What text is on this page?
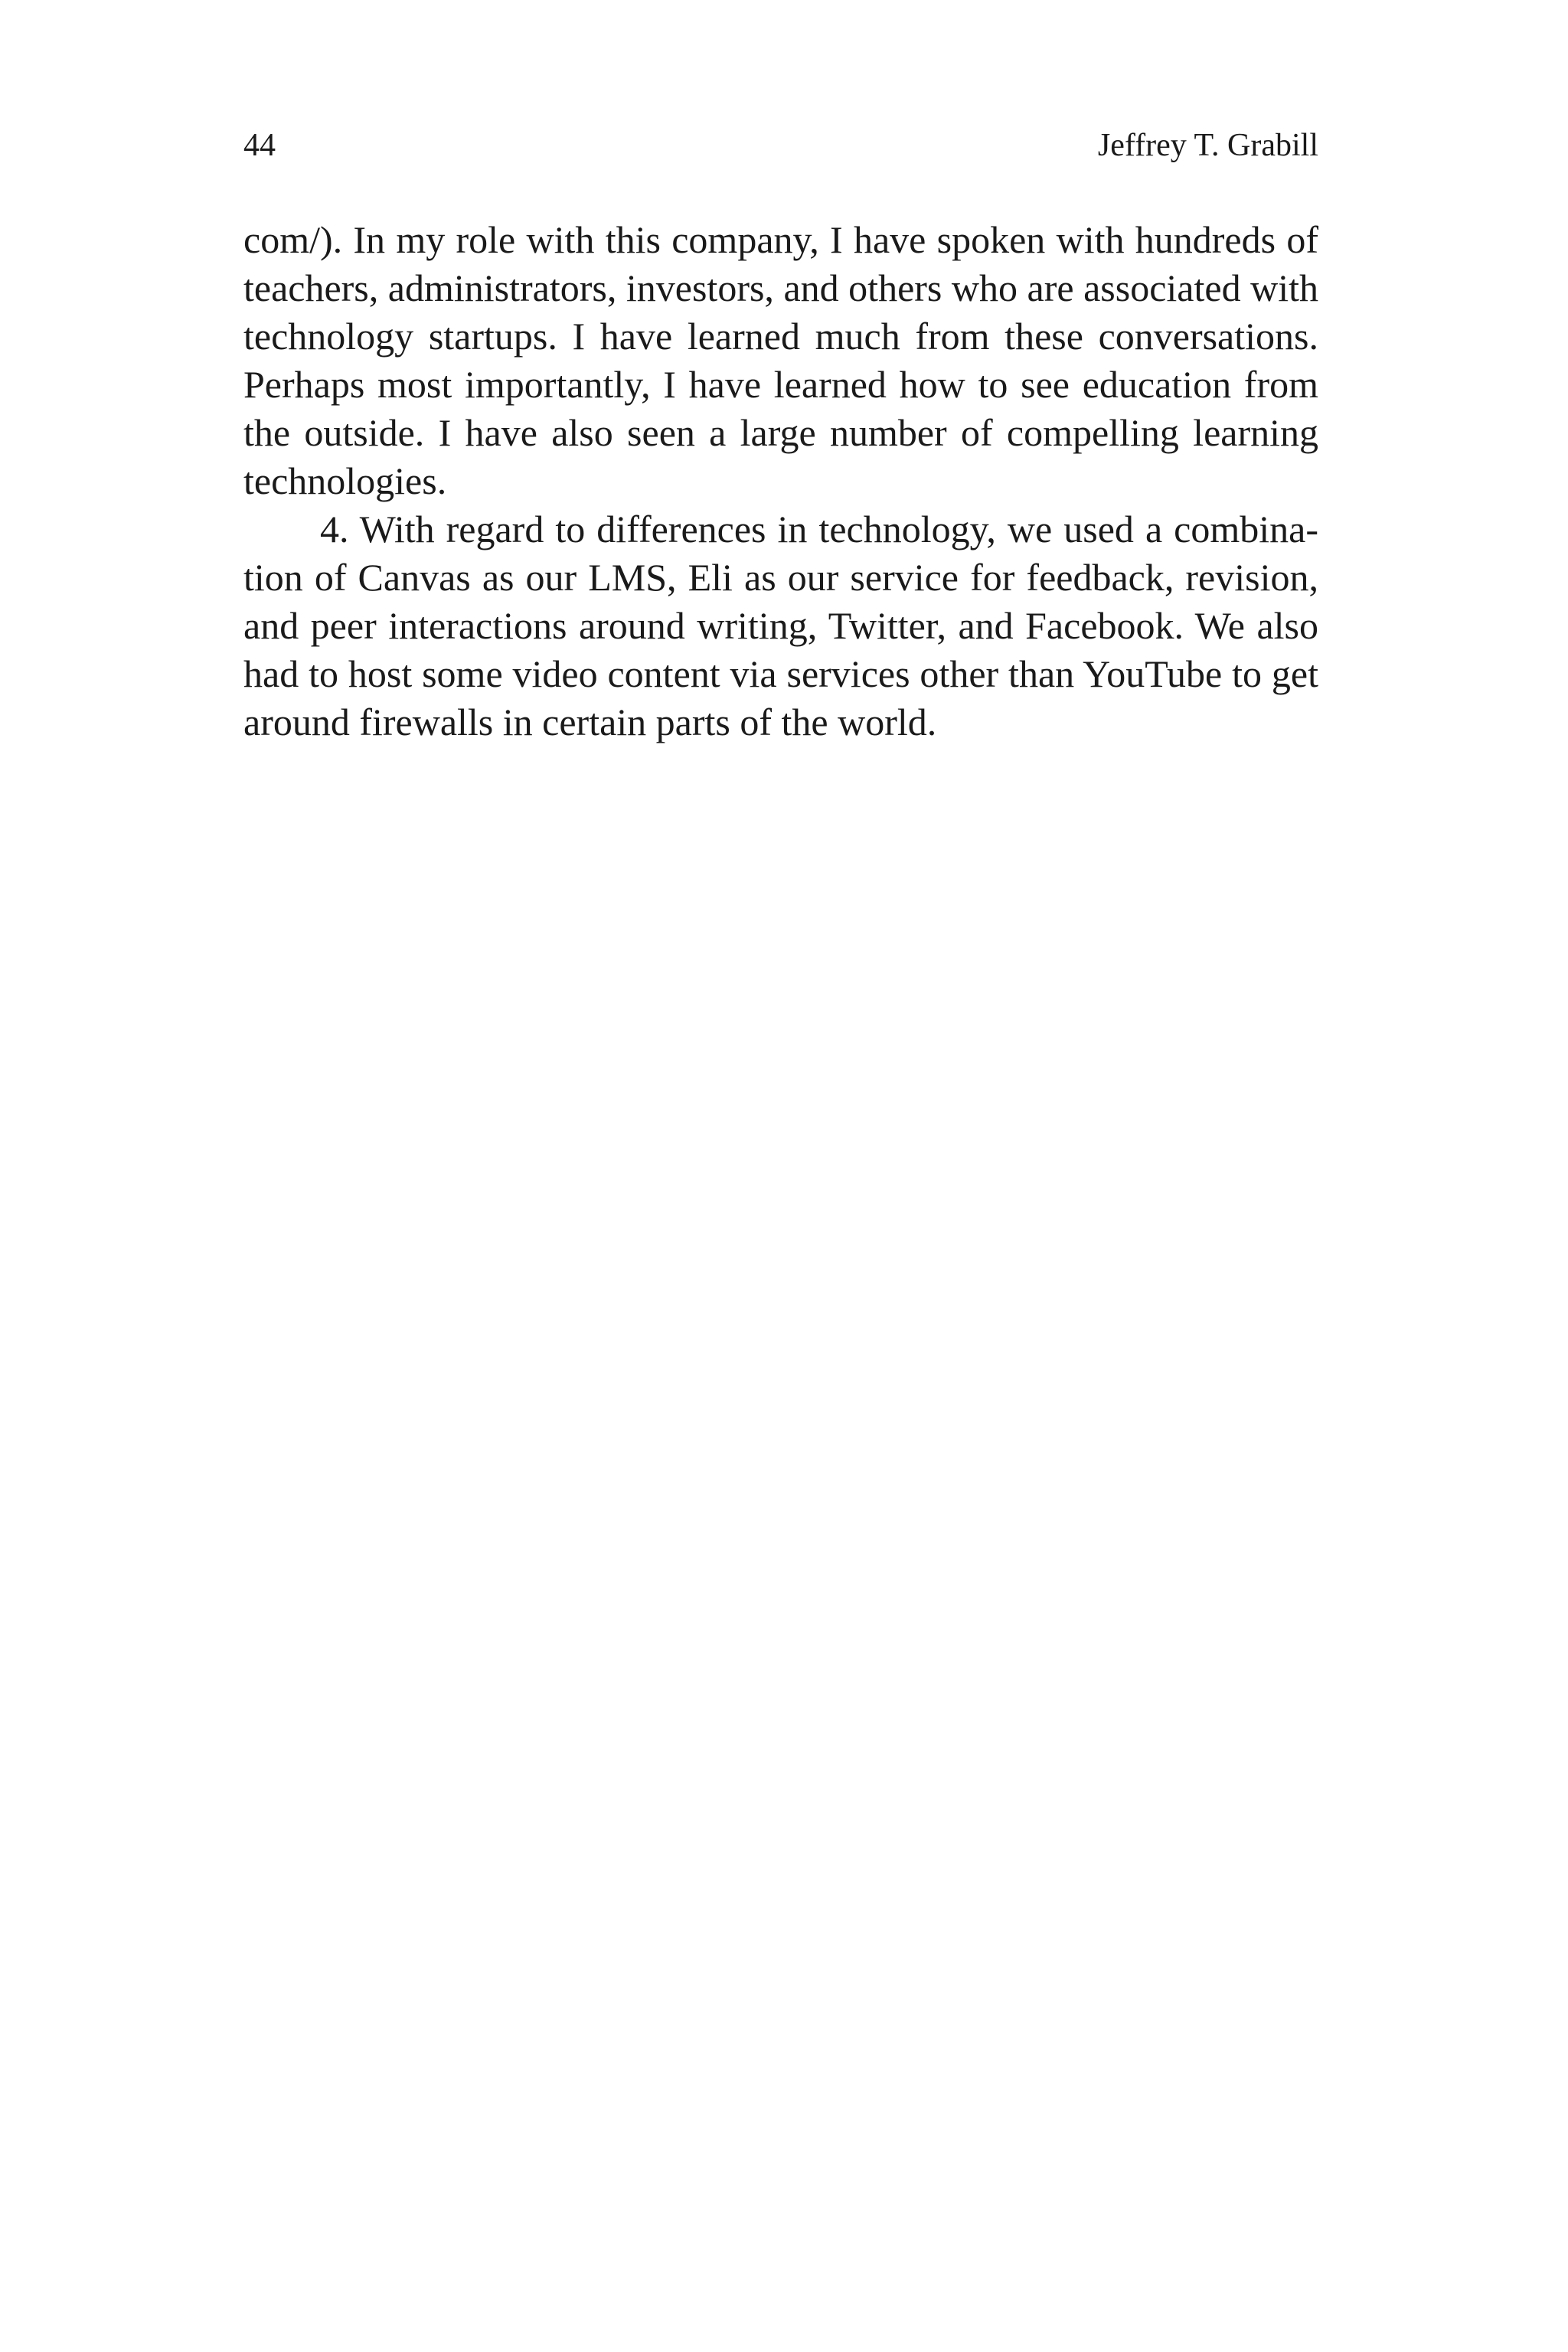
44	Jeffrey T. Grabill
com/). In my role with this company, I have spoken with hundreds of
teachers, administrators, investors, and others who are associated with
technology startups. I have learned much from these conversations.
Perhaps most importantly, I have learned how to see education from
the outside. I have also seen a large number of compelling learning
technologies.
4. With regard to differences in technology, we used a combina-
tion of Canvas as our LMS, Eli as our service for feedback, revision,
and peer interactions around writing, Twitter, and Facebook. We also
had to host some video content via services other than YouTube to get
around firewalls in certain parts of the world.
